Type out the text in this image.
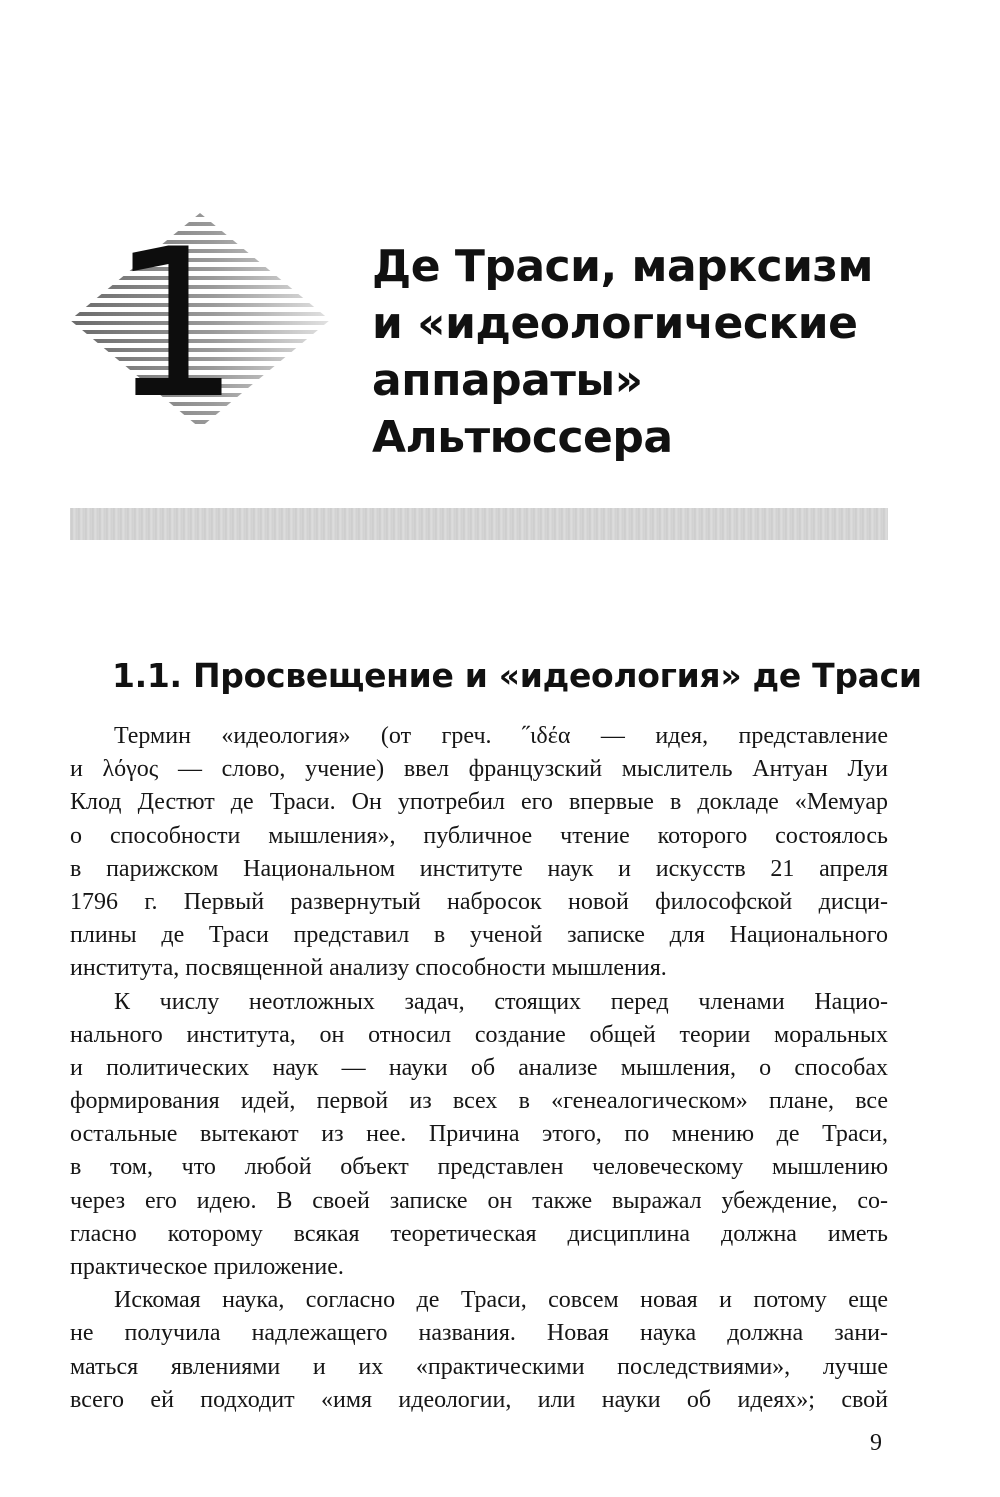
1	Де Траси, марксизм
и «идеологические
аппараты»
Альтюссера
1.1. Просвещение и «идеология» де Траси
Термин «идеология» (от греч. ˝ιδέα — идея, представление
и λόγος — слово, учение) ввел французский мыслитель Антуан Луи
Клод Дестют де Траси. Он употребил его впервые в докладе «Мемуар
о способности мышления», публичное чтение которого состоялось
в парижском Национальном институте наук и искусств 21 апреля
1796 г. Первый развернутый набросок новой философской дисци-
плины де Траси представил в ученой записке для Национального
института, посвященной анализу способности мышления.
К числу неотложных задач, стоящих перед членами Нацио-
нального института, он относил создание общей теории моральных
и политических наук — науки об анализе мышления, о способах
формирования идей, первой из всех в «генеалогическом» плане, все
остальные вытекают из нее. Причина этого, по мнению де Траси,
в том, что любой объект представлен человеческому мышлению
через его идею. В своей записке он также выражал убеждение, со-
гласно которому всякая теоретическая дисциплина должна иметь
практическое приложение.
Искомая наука, согласно де Траси, совсем новая и потому еще
не получила надлежащего названия. Новая наука должна зани-
маться явлениями и их «практическими последствиями», лучше
всего ей подходит «имя идеологии, или науки об идеях»; свой
9
